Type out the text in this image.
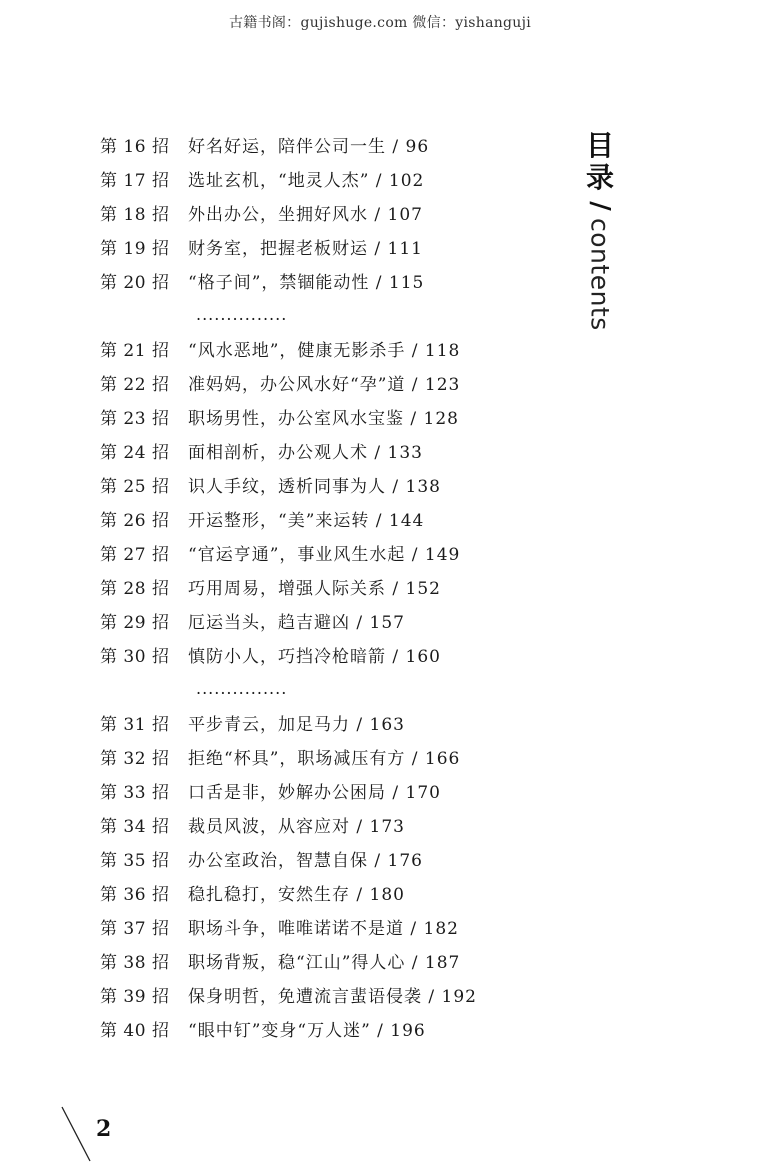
古籍书阁：gujishuge.com 微信：yishanguji
第 16 招	好名好运，陪伴公司一生 / 96
第 17 招	选址玄机，“地灵人杰” / 102
第 18 招	外出办公，坐拥好风水 / 107
第 19 招	财务室，把握老板财运 / 111
第 20 招	“格子间”，禁锢能动性 / 115
...............
第 21 招	“风水恶地”，健康无影杀手 / 118
第 22 招	准妈妈，办公风水好“孕”道 / 123
第 23 招	职场男性，办公室风水宝鉴 / 128
第 24 招	面相剖析，办公观人术 / 133
第 25 招	识人手纹，透析同事为人 / 138
第 26 招	开运整形，“美”来运转 / 144
第 27 招	“官运亨通”，事业风生水起 / 149
第 28 招	巧用周易，增强人际关系 / 152
第 29 招	厄运当头，趋吉避凶 / 157
第 30 招	慎防小人，巧挡冷枪暗箭 / 160
...............
第 31 招	平步青云，加足马力 / 163
第 32 招	拒绝“杯具”，职场减压有方 / 166
第 33 招	口舌是非，妙解办公困局 / 170
第 34 招	裁员风波，从容应对 / 173
第 35 招	办公室政治，智慧自保 / 176
第 36 招	稳扎稳打，安然生存 / 180
第 37 招	职场斗争，唯唯诺诺不是道 / 182
第 38 招	职场背叛，稳“江山”得人心 / 187
第 39 招	保身明哲，免遭流言蜚语侵袭 / 192
第 40 招	“眼中钉”变身“万人迷” / 196
目
录
/
contents
2
